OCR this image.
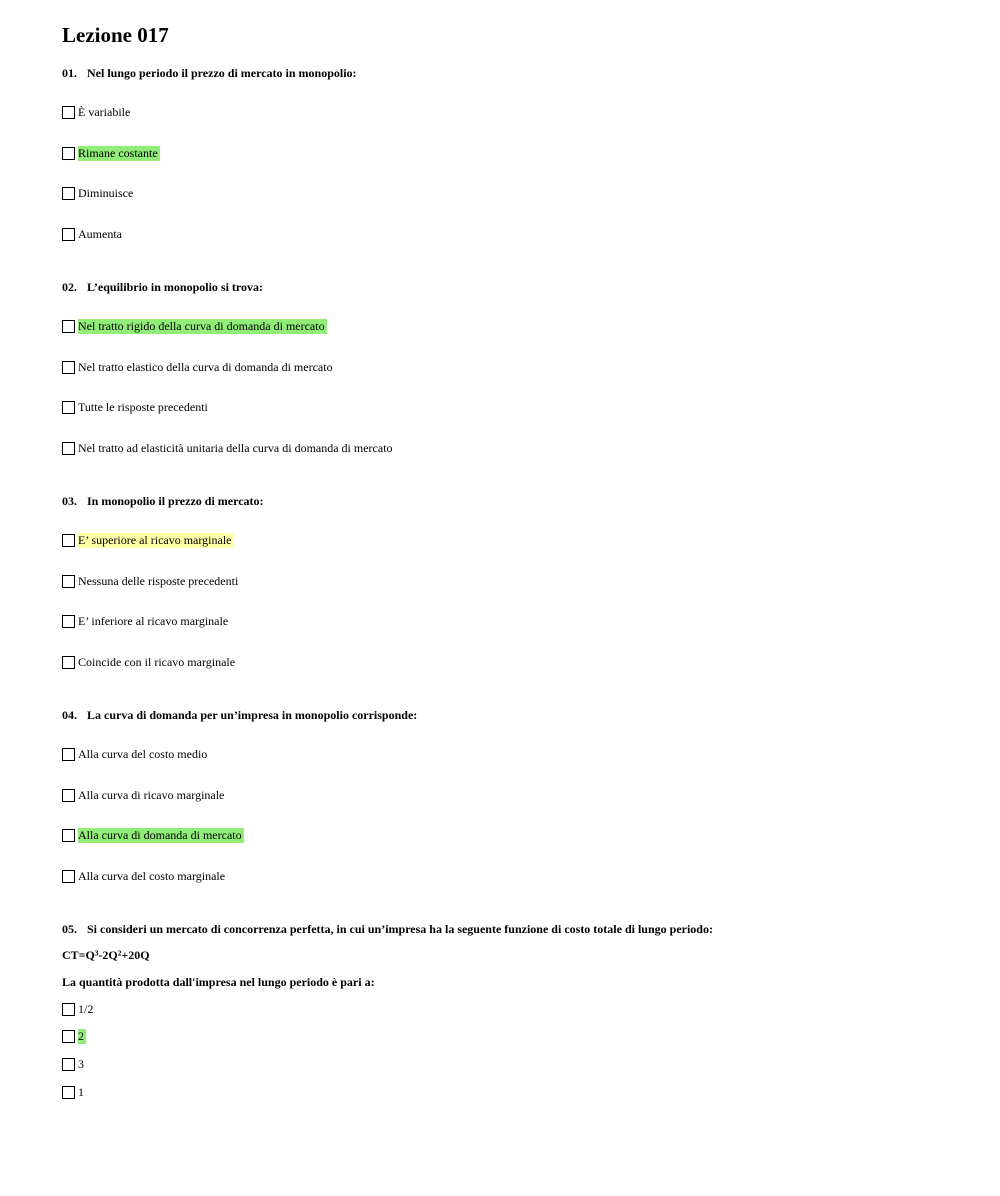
Lezione 017
01. Nel lungo periodo il prezzo di mercato in monopolio:
È variabile
Rimane costante
Diminuisce
Aumenta
02. L’equilibrio in monopolio si trova:
Nel tratto rigido della curva di domanda di mercato
Nel tratto elastico della curva di domanda di mercato
Tutte le risposte precedenti
Nel tratto ad elasticità unitaria della curva di domanda di mercato
03. In monopolio il prezzo di mercato:
E’ superiore al ricavo marginale
Nessuna delle risposte precedenti
E’ inferiore al ricavo marginale
Coincide con il ricavo marginale
04. La curva di domanda per un’impresa in monopolio corrisponde:
Alla curva del costo medio
Alla curva di ricavo marginale
Alla curva di domanda di mercato
Alla curva del costo marginale
05. Si consideri un mercato di concorrenza perfetta, in cui un’impresa ha la seguente funzione di costo totale di lungo periodo:
CT=Q³-2Q²+20Q
La quantità prodotta dall'impresa nel lungo periodo è pari a:
1/2
2
3
1
